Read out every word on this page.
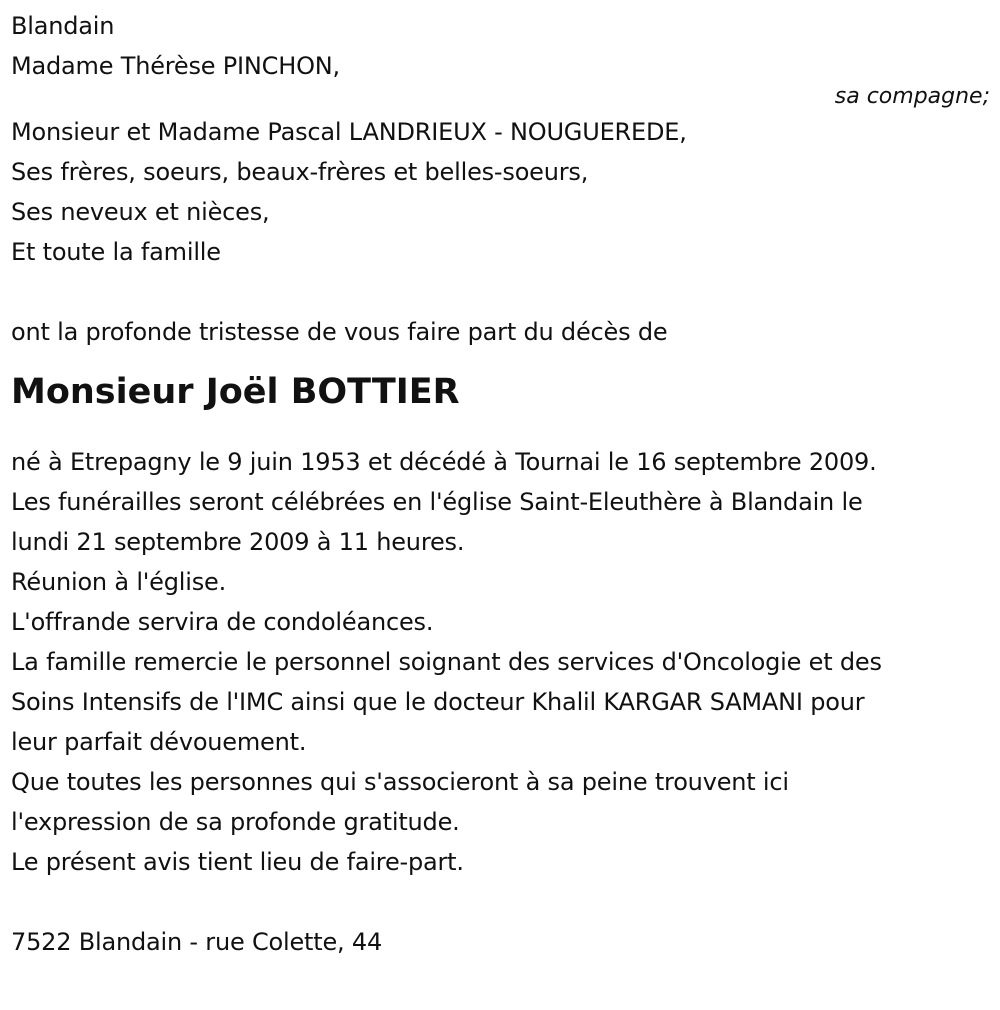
Blandain
Madame Thérèse PINCHON,
sa compagne;
Monsieur et Madame Pascal LANDRIEUX - NOUGUEREDE,
Ses frères, soeurs, beaux-frères et belles-soeurs,
Ses neveux et nièces,
Et toute la famille
ont la profonde tristesse de vous faire part du décès de
Monsieur Joël BOTTIER
né à Etrepagny le 9 juin 1953 et décédé à Tournai le 16 septembre 2009.
Les funérailles seront célébrées en l'église Saint-Eleuthère à Blandain le
lundi 21 septembre 2009 à 11 heures.
Réunion à l'église.
L'offrande servira de condoléances.
La famille remercie le personnel soignant des services d'Oncologie et des
Soins Intensifs de l'IMC ainsi que le docteur Khalil KARGAR SAMANI pour
leur parfait dévouement.
Que toutes les personnes qui s'associeront à sa peine trouvent ici
l'expression de sa profonde gratitude.
Le présent avis tient lieu de faire-part.
7522 Blandain - rue Colette, 44
